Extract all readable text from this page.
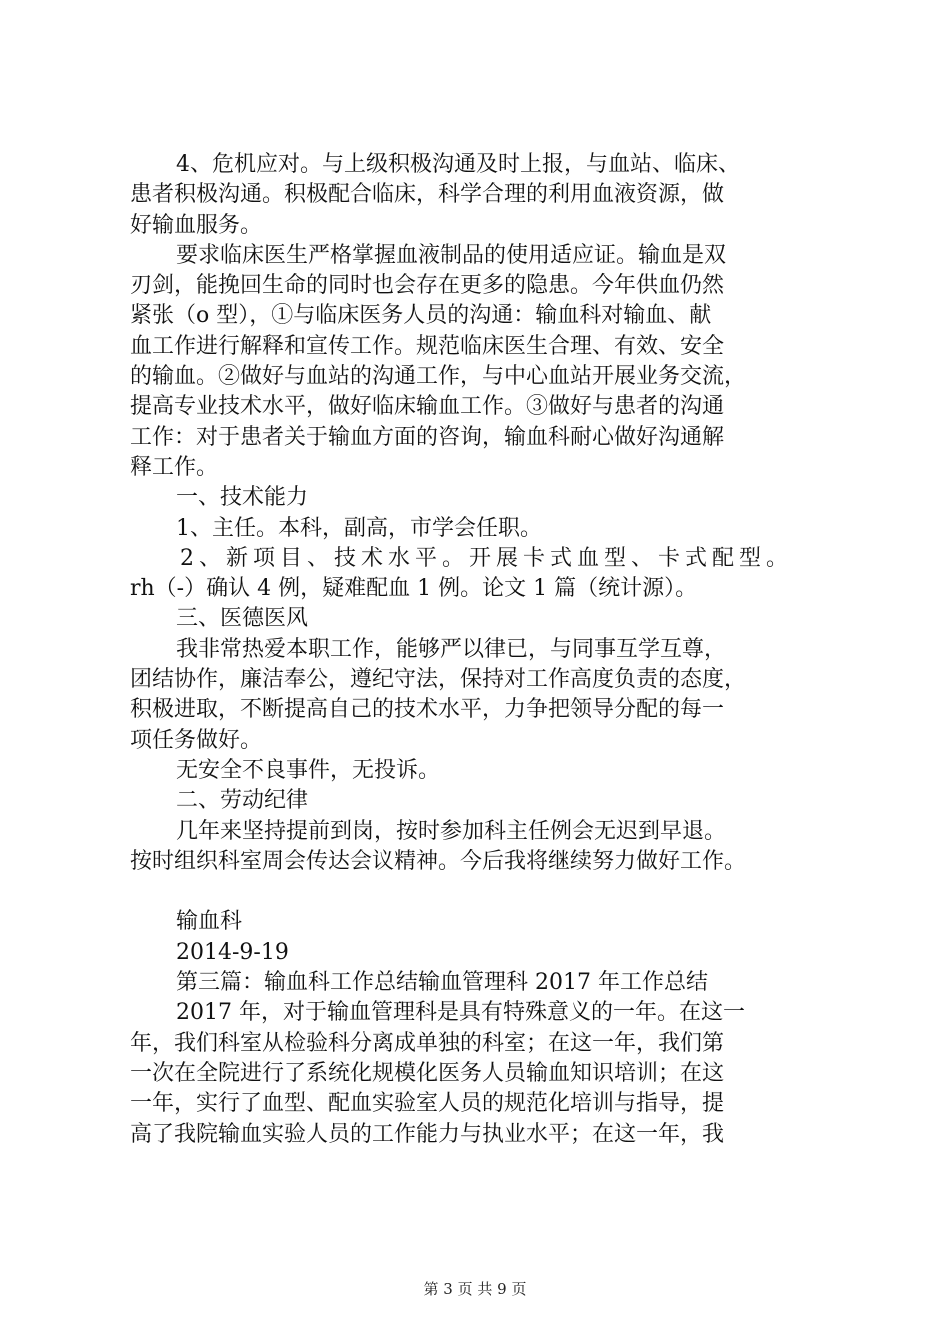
4、危机应对。与上级积极沟通及时上报，与血站、临床、
患者积极沟通。积极配合临床，科学合理的利用血液资源，做
好输血服务。
要求临床医生严格掌握血液制品的使用适应证。输血是双
刃剑，能挽回生命的同时也会存在更多的隐患。今年供血仍然
紧张（o 型），①与临床医务人员的沟通：输血科对输血、献
血工作进行解释和宣传工作。规范临床医生合理、有效、安全
的输血。②做好与血站的沟通工作，与中心血站开展业务交流，
提高专业技术水平，做好临床输血工作。③做好与患者的沟通
工作：对于患者关于输血方面的咨询，输血科耐心做好沟通解
释工作。
一、技术能力
1、主任。本科，副高，市学会任职。
2、新项目、技术水平。开展卡式血型、卡式配型。
rh（-）确认 4 例，疑难配血 1 例。论文 1 篇（统计源）。
三、医德医风
我非常热爱本职工作，能够严以律已，与同事互学互尊，
团结协作，廉洁奉公，遵纪守法，保持对工作高度负责的态度，
积极进取，不断提高自己的技术水平，力争把领导分配的每一
项任务做好。
无安全不良事件，无投诉。
二、劳动纪律
几年来坚持提前到岗，按时参加科主任例会无迟到早退。
按时组织科室周会传达会议精神。今后我将继续努力做好工作。
输血科
2014-9-19
第三篇：输血科工作总结输血管理科 2017 年工作总结
2017 年，对于输血管理科是具有特殊意义的一年。在这一
年，我们科室从检验科分离成单独的科室；在这一年，我们第
一次在全院进行了系统化规模化医务人员输血知识培训；在这
一年，实行了血型、配血实验室人员的规范化培训与指导，提
高了我院输血实验人员的工作能力与执业水平；在这一年，我
第 3 页 共 9 页
